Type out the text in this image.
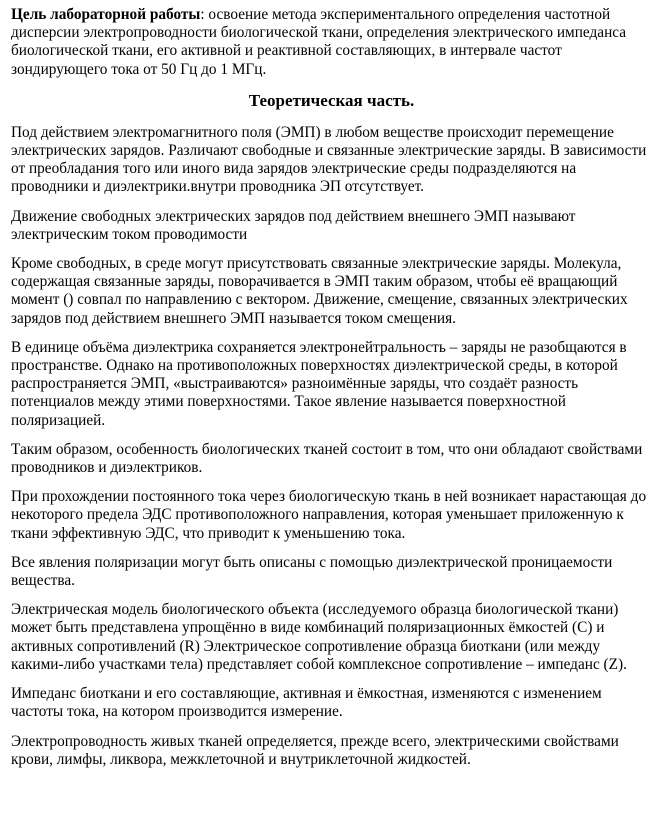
Цель лабораторной работы: освоение метода экспериментального определения частотной дисперсии электропроводности биологической ткани, определения электрического импеданса биологической ткани, его активной и реактивной составляющих, в интервале частот зондирующего тока от 50 Гц до 1 МГц.

Теоретическая часть.

Под действием электромагнитного поля (ЭМП) в любом веществе происходит перемещение электрических зарядов. Различают свободные и связанные электрические заряды. В зависимости от преобладания того или иного вида зарядов электрические среды подразделяются на проводники и диэлектрики.внутри проводника ЭП отсутствует.

Движение свободных электрических зарядов под действием внешнего ЭМП называют электрическим током проводимости

Кроме свободных, в среде могут присутствовать связанные электрические заряды. Молекула, содержащая связанные заряды, поворачивается в ЭМП таким образом, чтобы её вращающий момент () совпал по направлению с вектором. Движение, смещение, связанных электрических зарядов под действием внешнего ЭМП называется током смещения.

В единице объёма диэлектрика сохраняется электронейтральность – заряды не разобщаются в пространстве. Однако на противоположных поверхностях диэлектрической среды, в которой распространяется ЭМП, «выстраиваются» разноимённые заряды, что создаёт разность потенциалов между этими поверхностями. Такое явление называется поверхностной поляризацией.

Таким образом, особенность биологических тканей состоит в том, что они обладают свойствами проводников и диэлектриков.

При прохождении постоянного тока через биологическую ткань в ней возникает нарастающая до некоторого предела ЭДС противоположного направления, которая уменьшает приложенную к ткани эффективную ЭДС, что приводит к уменьшению тока.

Все явления поляризации могут быть описаны с помощью диэлектрической проницаемости вещества.

Электрическая модель биологического объекта (исследуемого образца биологической ткани) может быть представлена упрощённо в виде комбинаций поляризационных ёмкостей (C) и активных сопротивлений (R) Электрическое сопротивление образца биоткани (или между какими-либо участками тела) представляет собой комплексное сопротивление – импеданс (Z).

Импеданс биоткани и его составляющие, активная и ёмкостная, изменяются с изменением частоты тока, на котором производится измерение.

Электропроводность живых тканей определяется, прежде всего, электрическими свойствами крови, лимфы, ликвора, межклеточной и внутриклеточной жидкостей.
